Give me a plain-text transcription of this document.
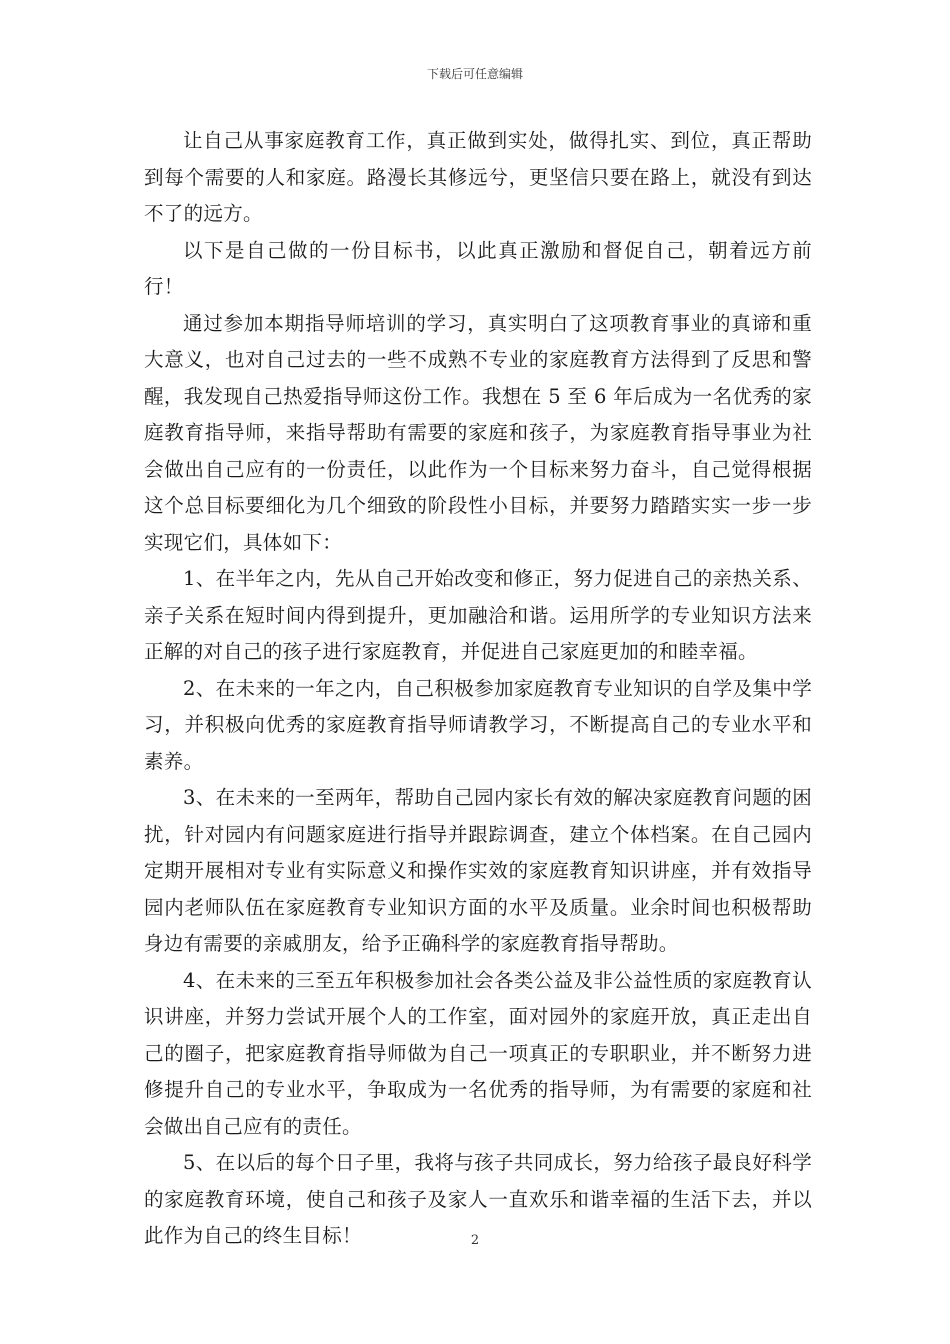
下载后可任意编辑

让自己从事家庭教育工作，真正做到实处，做得扎实、到位，真正帮助到每个需要的人和家庭。路漫长其修远兮，更坚信只要在路上，就没有到达不了的远方。

以下是自己做的一份目标书，以此真正激励和督促自己，朝着远方前行！

通过参加本期指导师培训的学习，真实明白了这项教育事业的真谛和重大意义，也对自己过去的一些不成熟不专业的家庭教育方法得到了反思和警醒，我发现自己热爱指导师这份工作。我想在 5 至 6 年后成为一名优秀的家庭教育指导师，来指导帮助有需要的家庭和孩子，为家庭教育指导事业为社会做出自己应有的一份责任，以此作为一个目标来努力奋斗，自己觉得根据这个总目标要细化为几个细致的阶段性小目标，并要努力踏踏实实一步一步实现它们，具体如下：

1、在半年之内，先从自己开始改变和修正，努力促进自己的亲热关系、亲子关系在短时间内得到提升，更加融洽和谐。运用所学的专业知识方法来正解的对自己的孩子进行家庭教育，并促进自己家庭更加的和睦幸福。

2、在未来的一年之内，自己积极参加家庭教育专业知识的自学及集中学习，并积极向优秀的家庭教育指导师请教学习，不断提高自己的专业水平和素养。

3、在未来的一至两年，帮助自己园内家长有效的解决家庭教育问题的困扰，针对园内有问题家庭进行指导并跟踪调查，建立个体档案。在自己园内定期开展相对专业有实际意义和操作实效的家庭教育知识讲座，并有效指导园内老师队伍在家庭教育专业知识方面的水平及质量。业余时间也积极帮助身边有需要的亲戚朋友，给予正确科学的家庭教育指导帮助。

4、在未来的三至五年积极参加社会各类公益及非公益性质的家庭教育认识讲座，并努力尝试开展个人的工作室，面对园外的家庭开放，真正走出自己的圈子，把家庭教育指导师做为自己一项真正的专职职业，并不断努力进修提升自己的专业水平，争取成为一名优秀的指导师，为有需要的家庭和社会做出自己应有的责任。

5、在以后的每个日子里，我将与孩子共同成长，努力给孩子最良好科学的家庭教育环境，使自己和孩子及家人一直欢乐和谐幸福的生活下去，并以此作为自己的终生目标！	2
